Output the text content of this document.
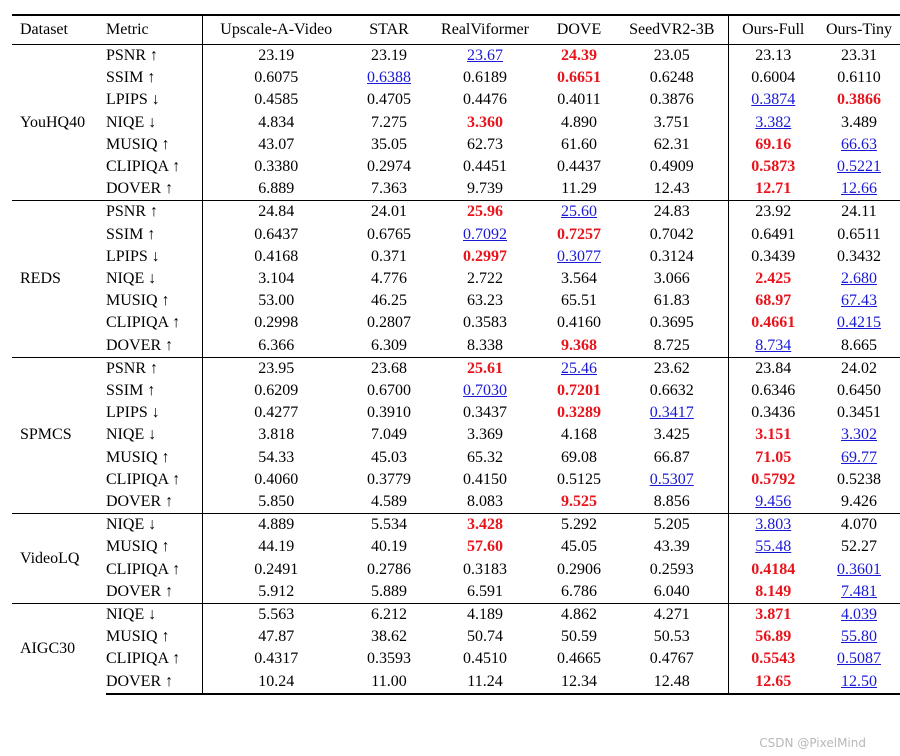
Dataset	Metric	Upscale-A-Video	STAR	RealViformer	DOVE	SeedVR2-3B	Ours-Full	Ours-Tiny
YouHQ40	PSNR ↑	23.19	23.19	23.67	24.39	23.05	23.13	23.31
	SSIM ↑	0.6075	0.6388	0.6189	0.6651	0.6248	0.6004	0.6110
	LPIPS ↓	0.4585	0.4705	0.4476	0.4011	0.3876	0.3874	0.3866
	NIQE ↓	4.834	7.275	3.360	4.890	3.751	3.382	3.489
	MUSIQ ↑	43.07	35.05	62.73	61.60	62.31	69.16	66.63
	CLIPIQA ↑	0.3380	0.2974	0.4451	0.4437	0.4909	0.5873	0.5221
	DOVER ↑	6.889	7.363	9.739	11.29	12.43	12.71	12.66
REDS	PSNR ↑	24.84	24.01	25.96	25.60	24.83	23.92	24.11
	SSIM ↑	0.6437	0.6765	0.7092	0.7257	0.7042	0.6491	0.6511
	LPIPS ↓	0.4168	0.371	0.2997	0.3077	0.3124	0.3439	0.3432
	NIQE ↓	3.104	4.776	2.722	3.564	3.066	2.425	2.680
	MUSIQ ↑	53.00	46.25	63.23	65.51	61.83	68.97	67.43
	CLIPIQA ↑	0.2998	0.2807	0.3583	0.4160	0.3695	0.4661	0.4215
	DOVER ↑	6.366	6.309	8.338	9.368	8.725	8.734	8.665
SPMCS	PSNR ↑	23.95	23.68	25.61	25.46	23.62	23.84	24.02
	SSIM ↑	0.6209	0.6700	0.7030	0.7201	0.6632	0.6346	0.6450
	LPIPS ↓	0.4277	0.3910	0.3437	0.3289	0.3417	0.3436	0.3451
	NIQE ↓	3.818	7.049	3.369	4.168	3.425	3.151	3.302
	MUSIQ ↑	54.33	45.03	65.32	69.08	66.87	71.05	69.77
	CLIPIQA ↑	0.4060	0.3779	0.4150	0.5125	0.5307	0.5792	0.5238
	DOVER ↑	5.850	4.589	8.083	9.525	8.856	9.456	9.426
VideoLQ	NIQE ↓	4.889	5.534	3.428	5.292	5.205	3.803	4.070
	MUSIQ ↑	44.19	40.19	57.60	45.05	43.39	55.48	52.27
	CLIPIQA ↑	0.2491	0.2786	0.3183	0.2906	0.2593	0.4184	0.3601
	DOVER ↑	5.912	5.889	6.591	6.786	6.040	8.149	7.481
AIGC30	NIQE ↓	5.563	6.212	4.189	4.862	4.271	3.871	4.039
	MUSIQ ↑	47.87	38.62	50.74	50.59	50.53	56.89	55.80
	CLIPIQA ↑	0.4317	0.3593	0.4510	0.4665	0.4767	0.5543	0.5087
	DOVER ↑	10.24	11.00	11.24	12.34	12.48	12.65	12.50
CSDN @PixelMind
